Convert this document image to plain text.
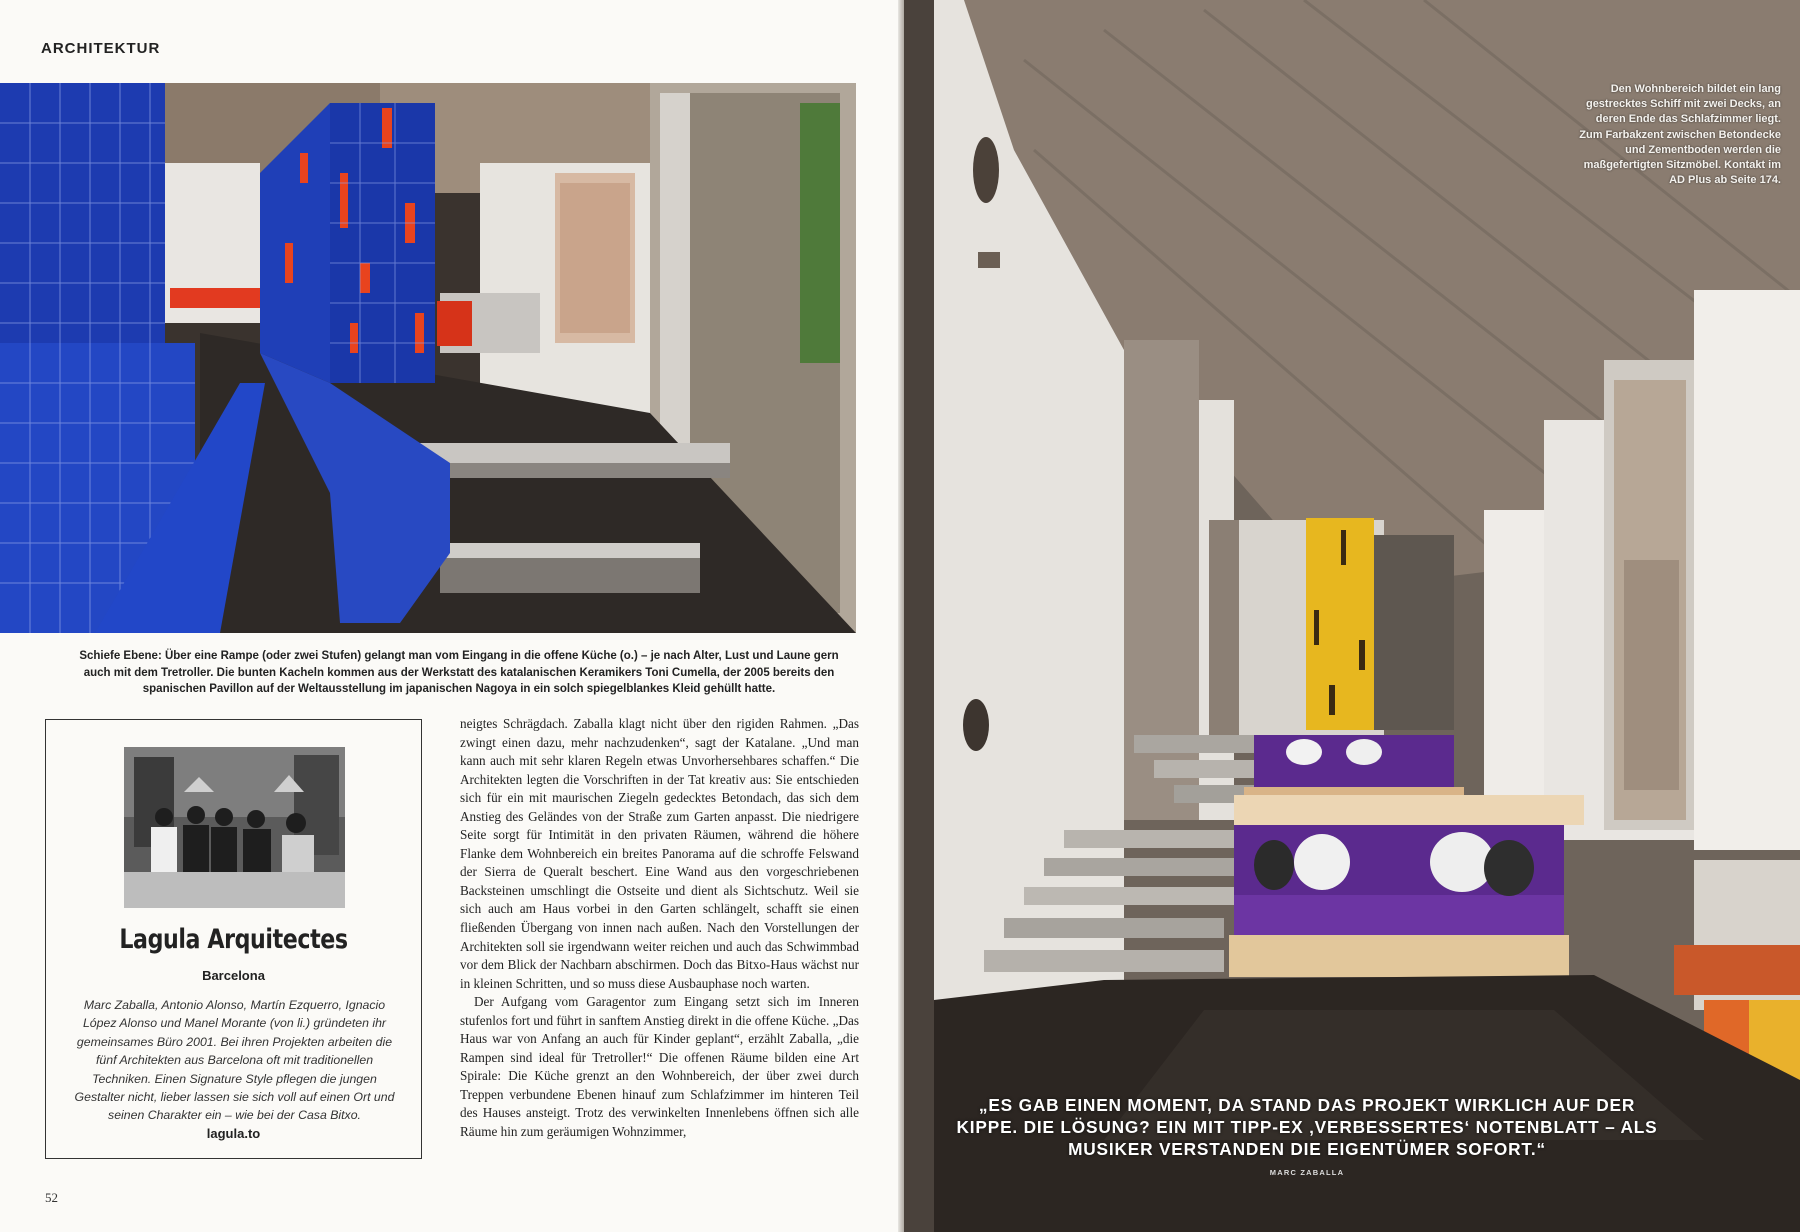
ARCHITEKTUR
Schiefe Ebene: Über eine Rampe (oder zwei Stufen) gelangt man vom Eingang in die offene Küche (o.) – je nach Alter, Lust und Laune gern auch mit dem Tretroller. Die bunten Kacheln kommen aus der Werkstatt des katalanischen Keramikers Toni Cumella, der 2005 bereits den spanischen Pavillon auf der Weltausstellung im japanischen Nagoya in ein solch spiegelblankes Kleid gehüllt hatte.
Lagula Arquitectes
Barcelona
Marc Zaballa, Antonio Alonso, Martín Ezquerro, Ignacio López Alonso und Manel Morante (von li.) gründeten ihr gemeinsames Büro 2001. Bei ihren Projekten arbeiten die fünf Architekten aus Barcelona oft mit traditionellen Techniken. Einen Signature Style pflegen die jungen Gestalter nicht, lieber lassen sie sich voll auf einen Ort und seinen Charakter ein – wie bei der Casa Bitxo.
lagula.to

neigtes Schrägdach. Zaballa klagt nicht über den rigiden Rahmen. „Das zwingt einen dazu, mehr nachzudenken“, sagt der Katalane. „Und man kann auch mit sehr klaren Regeln etwas Unvorhersehbares schaffen.“ Die Architekten legten die Vorschriften in der Tat kreativ aus: Sie entschieden sich für ein mit maurischen Ziegeln gedecktes Betondach, das sich dem Anstieg des Geländes von der Straße zum Garten anpasst. Die niedrigere Seite sorgt für Intimität in den privaten Räumen, während die höhere Flanke dem Wohnbereich ein breites Panorama auf die schroffe Felswand der Sierra de Queralt beschert. Eine Wand aus den vorgeschriebenen Backsteinen umschlingt die Ostseite und dient als Sichtschutz. Weil sie sich auch am Haus vorbei in den Garten schlängelt, schafft sie einen fließenden Übergang von innen nach außen. Nach den Vorstellungen der Architekten soll sie irgendwann weiter reichen und auch das Schwimmbad vor dem Blick der Nachbarn abschirmen. Doch das Bitxo-Haus wächst nur in kleinen Schritten, und so muss diese Ausbauphase noch warten.

Der Aufgang vom Garagentor zum Eingang setzt sich im Inneren stufenlos fort und führt in sanftem Anstieg direkt in die offene Küche. „Das Haus war von Anfang an auch für Kinder geplant“, erzählt Zaballa, „die Rampen sind ideal für Tretroller!“ Die offenen Räume bilden eine Art Spirale: Die Küche grenzt an den Wohnbereich, der über zwei durch Treppen verbundene Ebenen hinauf zum Schlafzimmer im hinteren Teil des Hauses ansteigt. Trotz des verwinkelten Innenlebens öffnen sich alle Räume hin zum geräumigen Wohnzimmer,

52
Den Wohnbereich bildet ein lang gestrecktes Schiff mit zwei Decks, an deren Ende das Schlafzimmer liegt. Zum Farbakzent zwischen Betondecke und Zementboden werden die maßgefertigten Sitzmöbel. Kontakt im AD Plus ab Seite 174.
„ES GAB EINEN MOMENT, DA STAND DAS PROJEKT WIRKLICH AUF DER KIPPE. DIE LÖSUNG? EIN MIT TIPP-EX ‚VERBESSERTES‘ NOTENBLATT – ALS MUSIKER VERSTANDEN DIE EIGENTÜMER SOFORT.“
MARC ZABALLA
